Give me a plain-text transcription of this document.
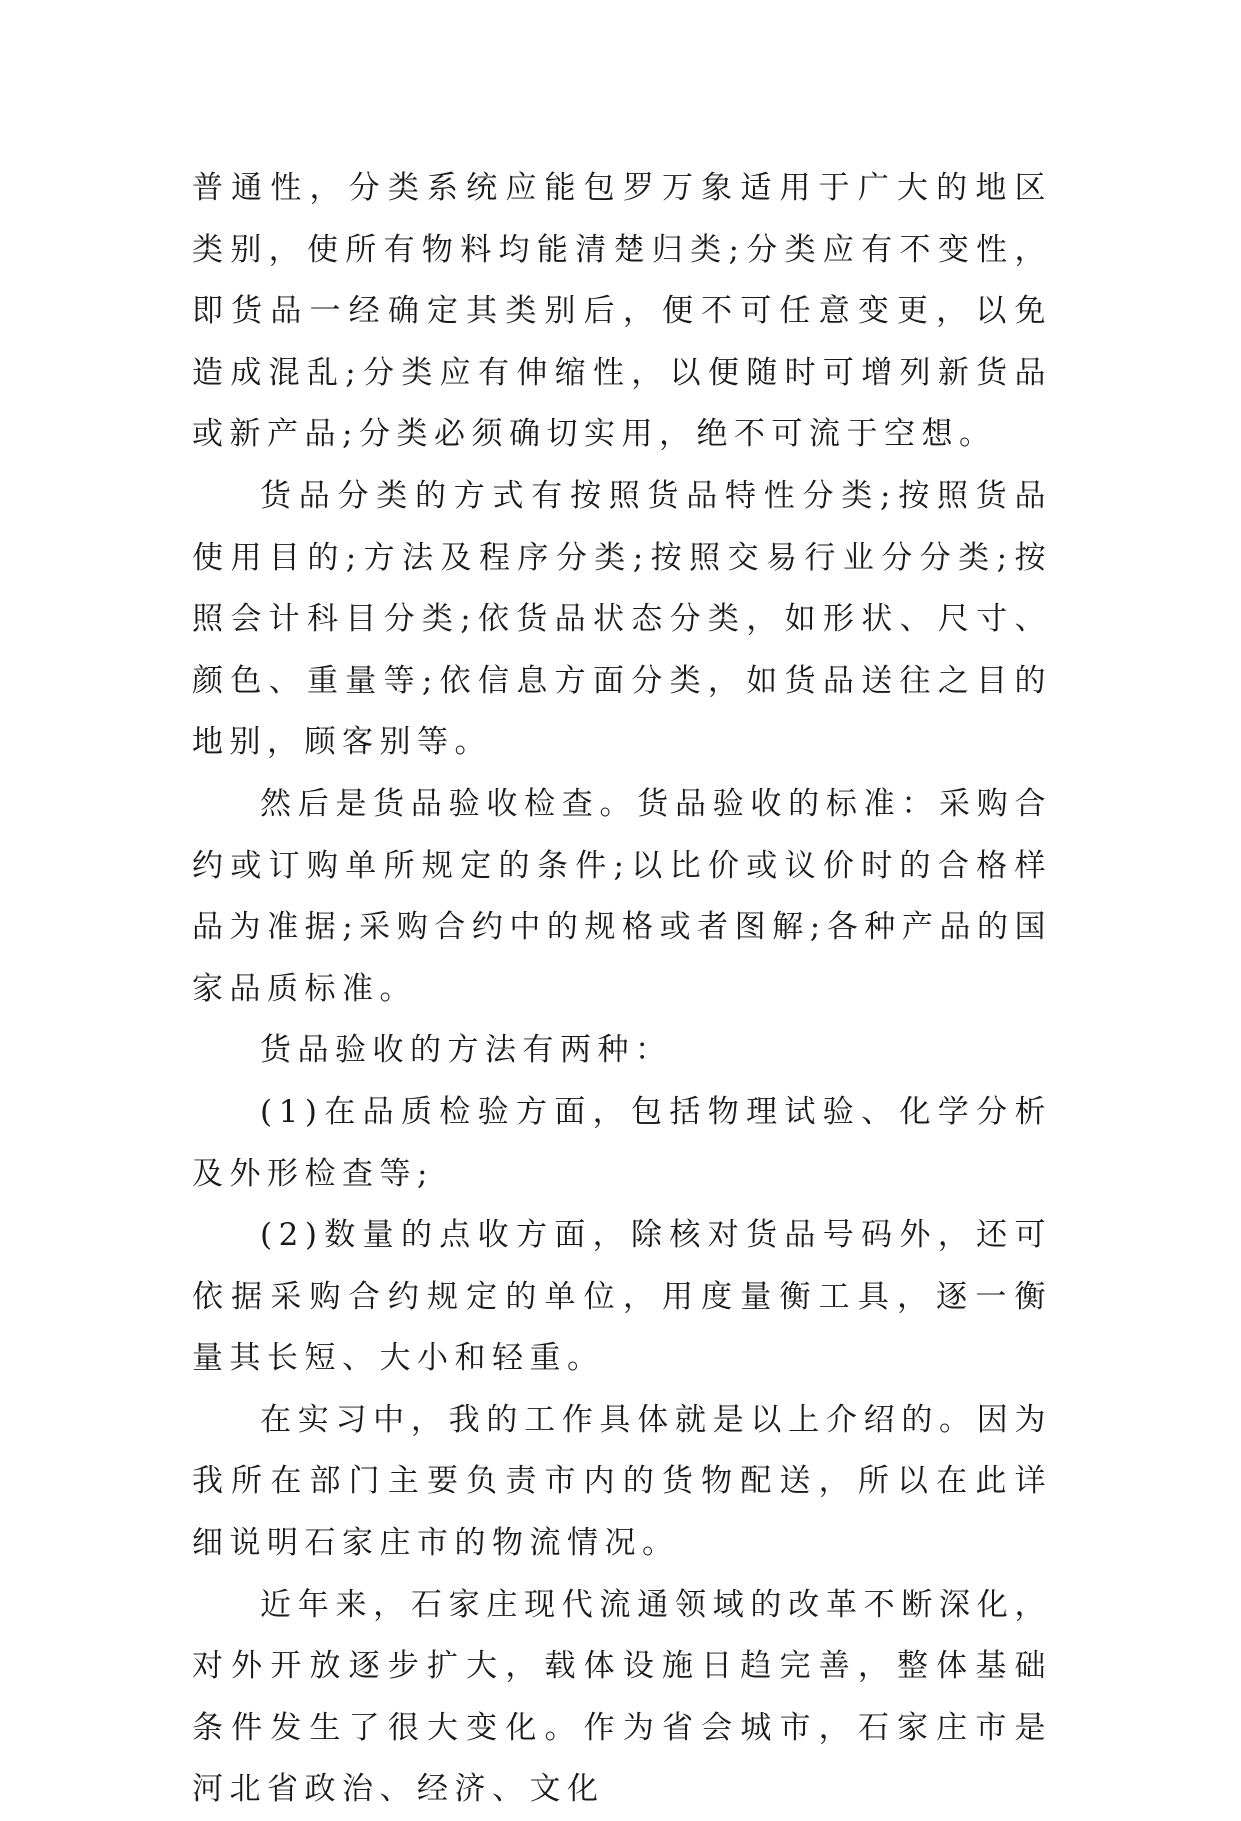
普通性，分类系统应能包罗万象适用于广大的地区类别，使所有物料均能清楚归类;分类应有不变性，即货品一经确定其类别后，便不可任意变更，以免造成混乱;分类应有伸缩性，以便随时可增列新货品或新产品;分类必须确切实用，绝不可流于空想。

货品分类的方式有按照货品特性分类;按照货品使用目的;方法及程序分类;按照交易行业分分类;按照会计科目分类;依货品状态分类，如形状、尺寸、颜色、重量等;依信息方面分类，如货品送往之目的地别，顾客别等。

然后是货品验收检查。货品验收的标准：采购合约或订购单所规定的条件;以比价或议价时的合格样品为准据;采购合约中的规格或者图解;各种产品的国家品质标准。

货品验收的方法有两种：

(1)在品质检验方面，包括物理试验、化学分析及外形检查等;

(2)数量的点收方面，除核对货品号码外，还可依据采购合约规定的单位，用度量衡工具，逐一衡量其长短、大小和轻重。

在实习中，我的工作具体就是以上介绍的。因为我所在部门主要负责市内的货物配送，所以在此详细说明石家庄市的物流情况。

近年来，石家庄现代流通领域的改革不断深化，对外开放逐步扩大，载体设施日趋完善，整体基础条件发生了很大变化。作为省会城市，石家庄市是河北省政治、经济、文化
